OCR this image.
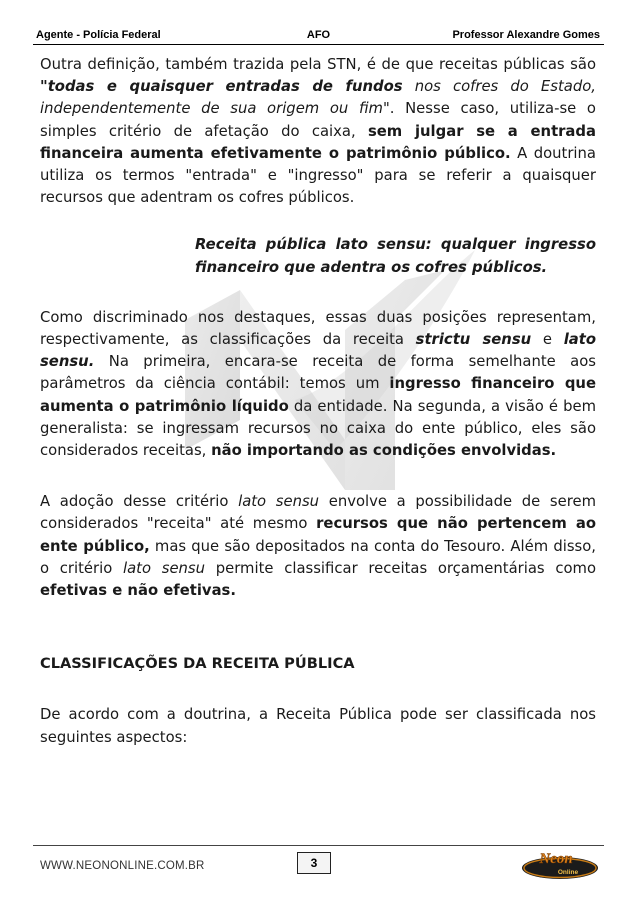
Agente - Polícia Federal	AFO	Professor Alexandre Gomes

Outra definição, também trazida pela STN, é de que receitas públicas são "todas e quaisquer entradas de fundos nos cofres do Estado, independentemente de sua origem ou fim". Nesse caso, utiliza-se o simples critério de afetação do caixa, sem julgar se a entrada financeira aumenta efetivamente o patrimônio público. A doutrina utiliza os termos "entrada" e "ingresso" para se referir a quaisquer recursos que adentram os cofres públicos.

Receita pública lato sensu: qualquer ingresso financeiro que adentra os cofres públicos.

Como discriminado nos destaques, essas duas posições representam, respectivamente, as classificações da receita strictu sensu e lato sensu. Na primeira, encara-se receita de forma semelhante aos parâmetros da ciência contábil: temos um ingresso financeiro que aumenta o patrimônio líquido da entidade. Na segunda, a visão é bem generalista: se ingressam recursos no caixa do ente público, eles são considerados receitas, não importando as condições envolvidas.

A adoção desse critério lato sensu envolve a possibilidade de serem considerados "receita" até mesmo recursos que não pertencem ao ente público, mas que são depositados na conta do Tesouro. Além disso, o critério lato sensu permite classificar receitas orçamentárias como efetivas e não efetivas.

CLASSIFICAÇÕES DA RECEITA PÚBLICA

De acordo com a doutrina, a Receita Pública pode ser classificada nos seguintes aspectos:

WWW.NEONONLINE.COM.BR	3	Neon
Online
